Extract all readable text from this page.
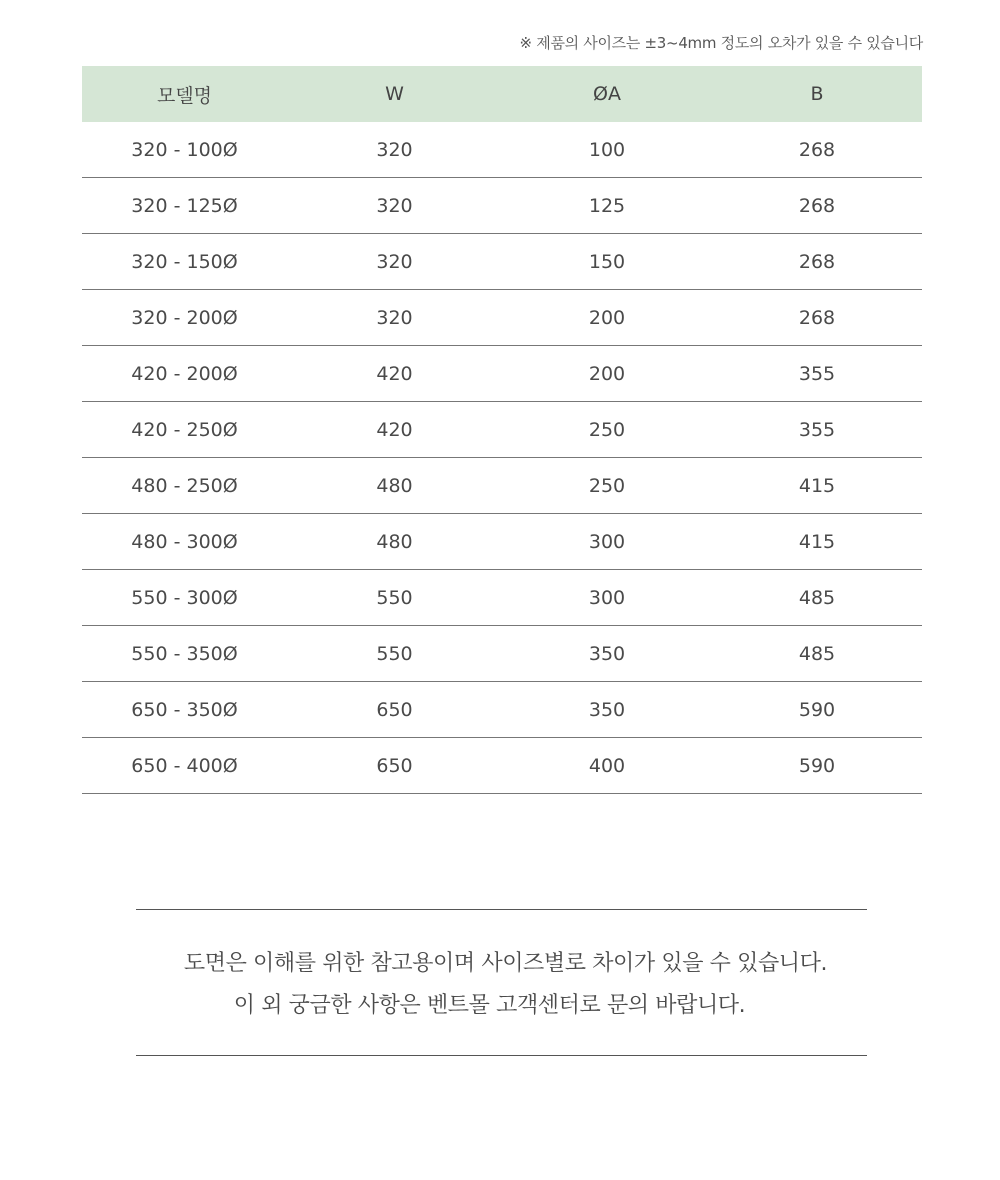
※ 제품의 사이즈는 ±3~4mm 정도의 오차가 있을 수 있습니다
모델명	W	ØA	B
320 - 100Ø	320	100	268
320 - 125Ø	320	125	268
320 - 150Ø	320	150	268
320 - 200Ø	320	200	268
420 - 200Ø	420	200	355
420 - 250Ø	420	250	355
480 - 250Ø	480	250	415
480 - 300Ø	480	300	415
550 - 300Ø	550	300	485
550 - 350Ø	550	350	485
650 - 350Ø	650	350	590
650 - 400Ø	650	400	590
도면은 이해를 위한 참고용이며 사이즈별로 차이가 있을 수 있습니다.
이 외 궁금한 사항은 벤트몰 고객센터로 문의 바랍니다.
